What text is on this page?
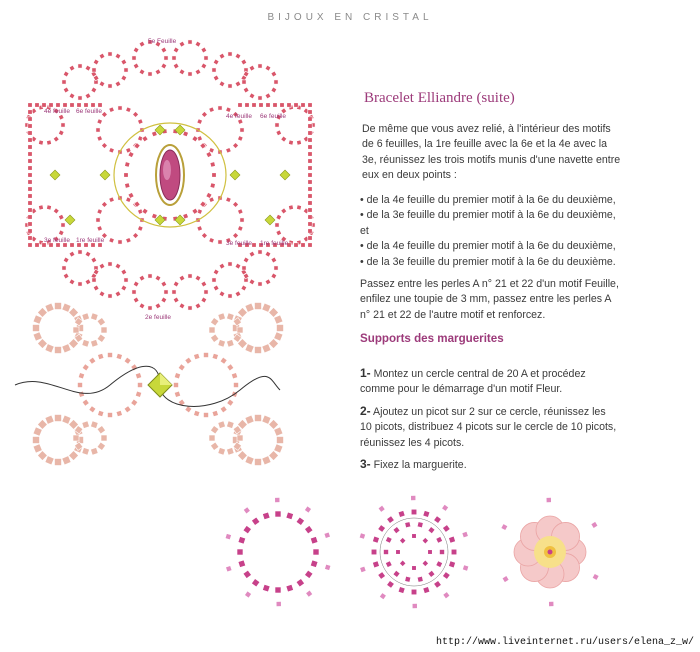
BIJOUX EN CRISTAL
5e Feuille
4e feuille 6e feuille
4e feuille 6e feuille
3e feuille 1re feuille	3e feuille 1re feuille
2e feuille
Bracelet Elliandre (suite)
De même que vous avez relié, à l'intérieur des motifs de 6 feuilles, la 1re feuille avec la 6e et la 4e avec la 3e, réunissez les trois motifs munis d'une navette entre eux en deux points :
• de la 4e feuille du premier motif à la 6e du deuxième,
• de la 3e feuille du premier motif à la 6e du deuxième,
et
• de la 4e feuille du premier motif à la 6e du deuxième,
• de la 3e feuille du premier motif à la 6e du deuxième.
Passez entre les perles A n° 21 et 22 d'un motif Feuille, enfilez une toupie de 3 mm, passez entre les perles A n° 21 et 22 de l'autre motif et renforcez.
Supports des marguerites
1- Montez un cercle central de 20 A et procédez comme pour le démarrage d'un motif Fleur.
2- Ajoutez un picot sur 2 sur ce cercle, réunissez les 10 picots, distribuez 4 picots sur le cercle de 10 picots, réunissez les 4 picots.
3- Fixez la marguerite.
http://www.liveinternet.ru/users/elena_z_w/
